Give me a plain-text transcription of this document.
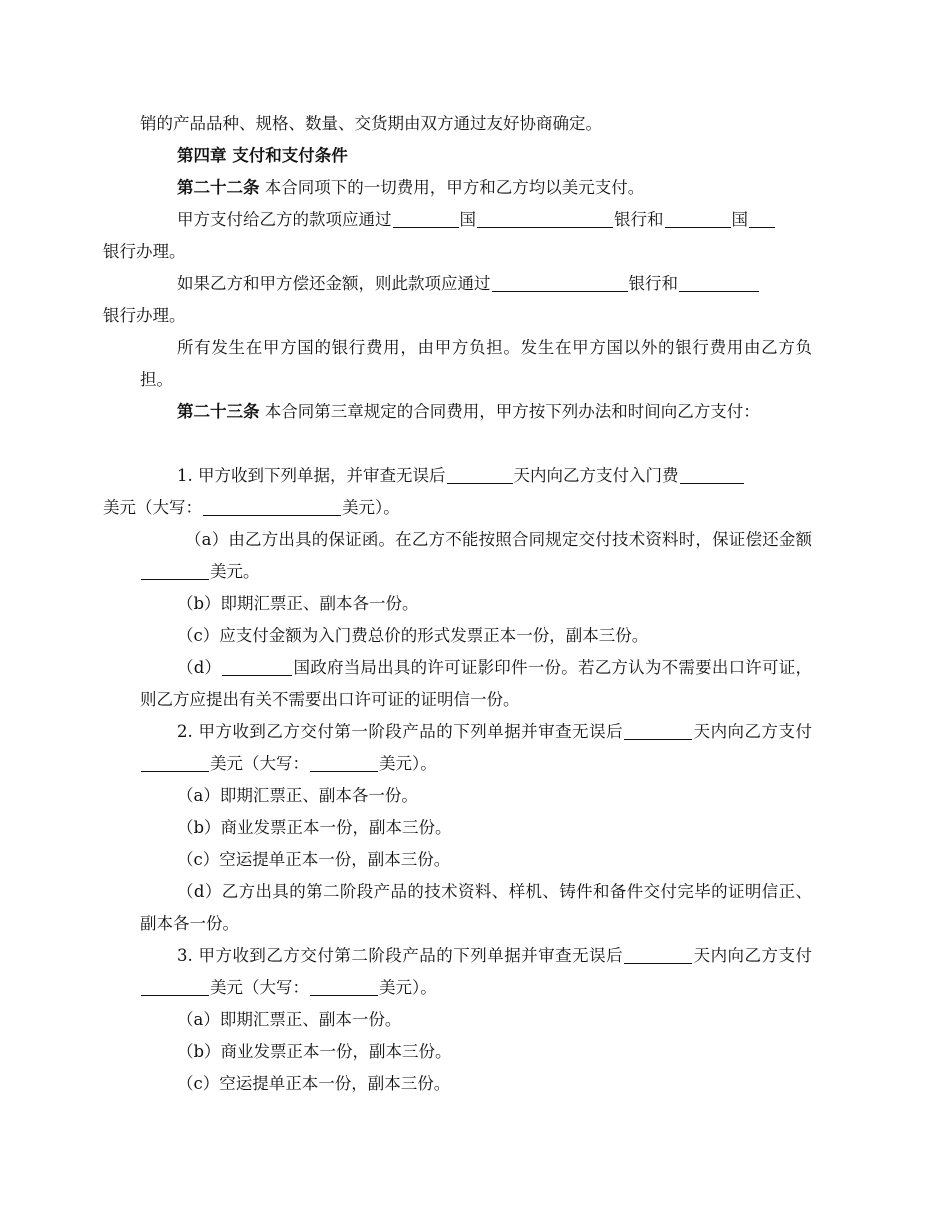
销的产品品种、规格、数量、交货期由双方通过友好协商确定。

第四章 支付和支付条件

第二十二条 本合同项下的一切费用，甲方和乙方均以美元支付。

甲方支付给乙方的款项应通过	国	银行和	国
银行办理。

如果乙方和甲方偿还金额，则此款项应通过	银行和
银行办理。

所有发生在甲方国的银行费用，由甲方负担。发生在甲方国以外的银行费用由乙方负担。

第二十三条 本合同第三章规定的合同费用，甲方按下列办法和时间向乙方支付：

1. 甲方收到下列单据，并审查无误后	天内向乙方支付入门费
美元（大写：	美元）。

（a）由乙方出具的保证函。在乙方不能按照合同规定交付技术资料时，保证偿还金额美元。

（b）即期汇票正、副本各一份。

（c）应支付金额为入门费总价的形式发票正本一份，副本三份。

（d）	国政府当局出具的许可证影印件一份。若乙方认为不需要出口许可证，则乙方应提出有关不需要出口许可证的证明信一份。

2. 甲方收到乙方交付第一阶段产品的下列单据并审查无误后	天内向乙方支付美元（大写：	美元）。

（a）即期汇票正、副本各一份。

（b）商业发票正本一份，副本三份。

（c）空运提单正本一份，副本三份。

（d）乙方出具的第二阶段产品的技术资料、样机、铸件和备件交付完毕的证明信正、副本各一份。

3. 甲方收到乙方交付第二阶段产品的下列单据并审查无误后	天内向乙方支付美元（大写：	美元）。

（a）即期汇票正、副本一份。

（b）商业发票正本一份，副本三份。

（c）空运提单正本一份，副本三份。
